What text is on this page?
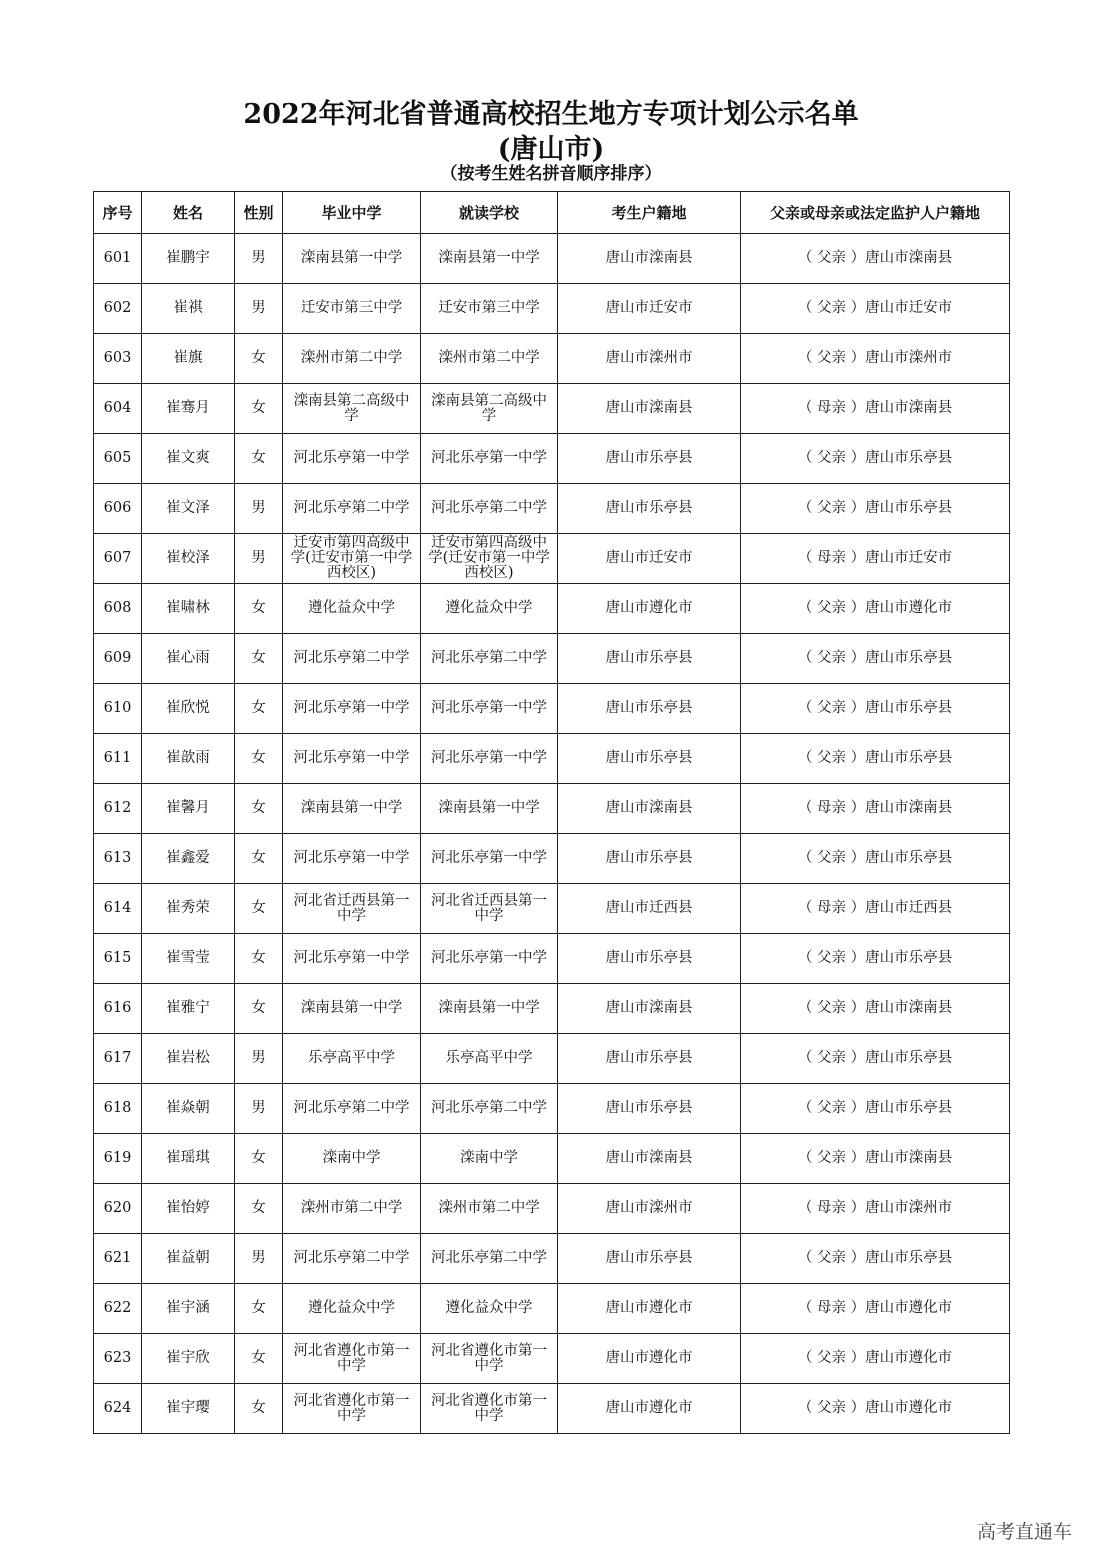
2022年河北省普通高校招生地方专项计划公示名单
(唐山市)
（按考生姓名拼音顺序排序）
序号	姓名	性别	毕业中学	就读学校	考生户籍地	父亲或母亲或法定监护人户籍地
601	崔鹏宇	男	滦南县第一中学	滦南县第一中学	唐山市滦南县	（ 父亲 ）唐山市滦南县
602	崔祺	男	迁安市第三中学	迁安市第三中学	唐山市迁安市	（ 父亲 ）唐山市迁安市
603	崔旗	女	滦州市第二中学	滦州市第二中学	唐山市滦州市	（ 父亲 ）唐山市滦州市
604	崔骞月	女	滦南县第二高级中学	滦南县第二高级中学	唐山市滦南县	（ 母亲 ）唐山市滦南县
605	崔文爽	女	河北乐亭第一中学	河北乐亭第一中学	唐山市乐亭县	（ 父亲 ）唐山市乐亭县
606	崔文泽	男	河北乐亭第二中学	河北乐亭第二中学	唐山市乐亭县	（ 父亲 ）唐山市乐亭县
607	崔校泽	男	迁安市第四高级中学(迁安市第一中学西校区)	迁安市第四高级中学(迁安市第一中学西校区)	唐山市迁安市	（ 母亲 ）唐山市迁安市
608	崔啸林	女	遵化益众中学	遵化益众中学	唐山市遵化市	（ 父亲 ）唐山市遵化市
609	崔心雨	女	河北乐亭第二中学	河北乐亭第二中学	唐山市乐亭县	（ 父亲 ）唐山市乐亭县
610	崔欣悦	女	河北乐亭第一中学	河北乐亭第一中学	唐山市乐亭县	（ 父亲 ）唐山市乐亭县
611	崔歆雨	女	河北乐亭第一中学	河北乐亭第一中学	唐山市乐亭县	（ 父亲 ）唐山市乐亭县
612	崔馨月	女	滦南县第一中学	滦南县第一中学	唐山市滦南县	（ 母亲 ）唐山市滦南县
613	崔鑫爱	女	河北乐亭第一中学	河北乐亭第一中学	唐山市乐亭县	（ 父亲 ）唐山市乐亭县
614	崔秀荣	女	河北省迁西县第一中学	河北省迁西县第一中学	唐山市迁西县	（ 母亲 ）唐山市迁西县
615	崔雪莹	女	河北乐亭第一中学	河北乐亭第一中学	唐山市乐亭县	（ 父亲 ）唐山市乐亭县
616	崔雅宁	女	滦南县第一中学	滦南县第一中学	唐山市滦南县	（ 父亲 ）唐山市滦南县
617	崔岩松	男	乐亭高平中学	乐亭高平中学	唐山市乐亭县	（ 父亲 ）唐山市乐亭县
618	崔焱朝	男	河北乐亭第二中学	河北乐亭第二中学	唐山市乐亭县	（ 父亲 ）唐山市乐亭县
619	崔瑶琪	女	滦南中学	滦南中学	唐山市滦南县	（ 父亲 ）唐山市滦南县
620	崔怡婷	女	滦州市第二中学	滦州市第二中学	唐山市滦州市	（ 母亲 ）唐山市滦州市
621	崔益朝	男	河北乐亭第二中学	河北乐亭第二中学	唐山市乐亭县	（ 父亲 ）唐山市乐亭县
622	崔宇涵	女	遵化益众中学	遵化益众中学	唐山市遵化市	（ 母亲 ）唐山市遵化市
623	崔宇欣	女	河北省遵化市第一中学	河北省遵化市第一中学	唐山市遵化市	（ 父亲 ）唐山市遵化市
624	崔宇璎	女	河北省遵化市第一中学	河北省遵化市第一中学	唐山市遵化市	（ 父亲 ）唐山市遵化市
高考直通车
